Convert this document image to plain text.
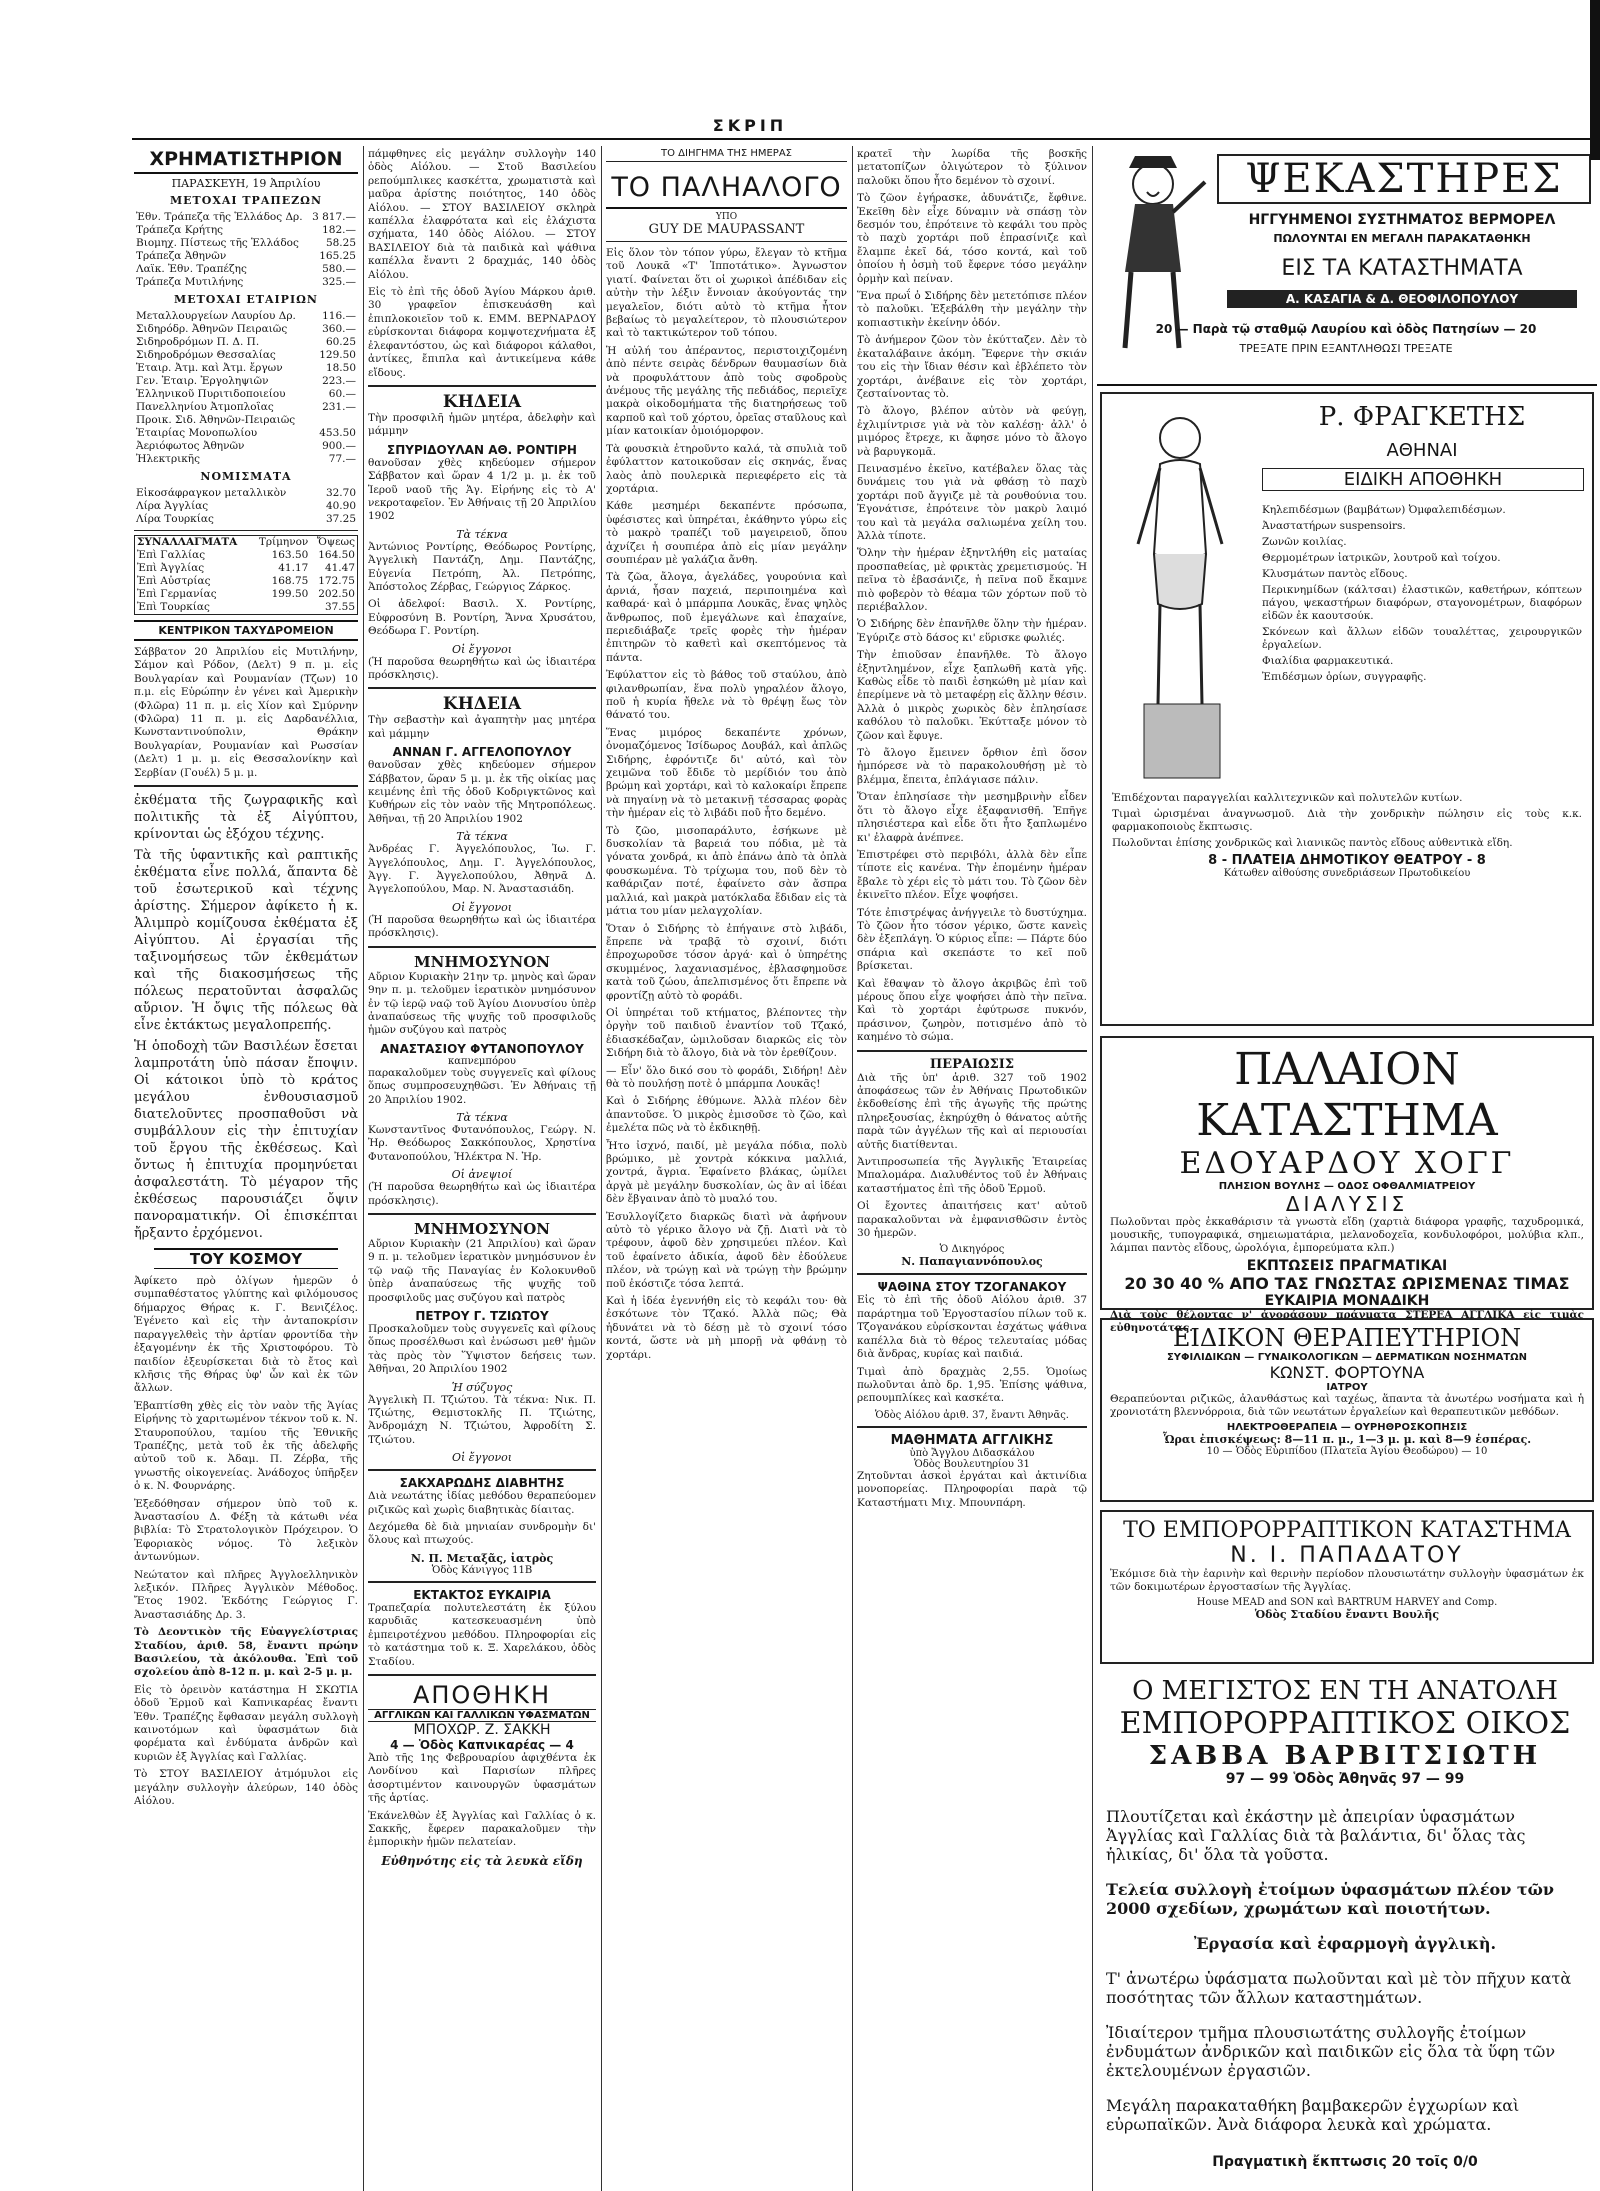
ΣΚΡΙΠ
ΧΡΗΜΑΤΙΣΤΗΡΙΟΝ
ΠΑΡΑΣΚΕΥΗ, 19 Ἀπριλίου
ΜΕΤΟΧΑΙ ΤΡΑΠΕΖΩΝ
Ἐθν. Τράπεζα τῆς Ἑλλάδος Δρ.	3 817.—
Τράπεζα Κρήτης	182.—
Βιομηχ. Πίστεως τῆς Ἑλλάδος	58.25
Τράπεζα Ἀθηνῶν	165.25
Λαϊκ. Ἐθν. Τραπέζης	580.—
Τράπεζα Μυτιλήνης	325.—
ΜΕΤΟΧΑΙ ΕΤΑΙΡΙΩΝ
Μεταλλουργείων Λαυρίου Δρ.	116.—
Σιδηρόδρ. Ἀθηνῶν Πειραιῶς	360.—
Σιδηροδρόμων Π. Δ. Π.	60.25
Σιδηροδρόμων Θεσσαλίας	129.50
Ἑταιρ. Ἀτμ. καὶ Ἀτμ. ἔργων	18.50
Γεν. Ἑταιρ. Ἐργοληψιῶν	223.—
Ἑλληνικοῦ Πυριτιδοποιείου	60.—
Πανελληνίου Ἀτμοπλοΐας	231.—
Προικ. Σιδ. Ἀθηνῶν-Πειραιῶς	
Ἑταιρίας Μονοπωλίου	453.50
Ἀεριόφωτος Ἀθηνῶν	900.—
Ἠλεκτρικῆς	77.—
ΝΟΜΙΣΜΑΤΑ
Εἰκοσάφραγκον μεταλλικὸν	32.70
Λίρα Ἀγγλίας	40.90
Λίρα Τουρκίας	37.25
ΣΥΝΑΛΛΑΓΜΑΤΑ	Τρίμηνον	Ὄψεως
Ἐπὶ Γαλλίας	163.50	164.50
Ἐπὶ Ἀγγλίας	41.17	41.47
Ἐπὶ Αὐστρίας	168.75	172.75
Ἐπὶ Γερμανίας	199.50	202.50
Ἐπὶ Τουρκίας		37.55
ΚΕΝΤΡΙΚΟΝ ΤΑΧΥΔΡΟΜΕΙΟΝ

Σάββατον 20 Ἀπριλίου εἰς Μυτιλήνην, Σάμον καὶ Ρόδον, (Δελτ) 9 π. μ. εἰς Βουλγαρίαν καὶ Ρουμανίαν (Τζων) 10 π.μ. εἰς Εὐρώπην ἐν γένει καὶ Ἀμερικὴν (Φλῶρα) 11 π. μ. εἰς Χίον καὶ Σμύρνην (Φλῶρα) 11 π. μ. εἰς Δαρδανέλλια, Κωνσταντινούπολιν, Θράκην Βουλγαρίαν, Ρουμανίαν καὶ Ρωσσίαν (Δελτ) 1 μ. μ. εἰς Θεσσαλονίκην καὶ Σερβίαν (Γουέλ) 5 μ. μ.

ἐκθέματα τῆς ζωγραφικῆς καὶ πολιτικῆς τὰ ἐξ Αἰγύπτου, κρίνονται ὡς ἐξόχου τέχνης.

Τὰ τῆς ὑφαντικῆς καὶ ραπτικῆς ἐκθέματα εἶνε πολλά, ἅπαντα δὲ τοῦ ἐσωτερικοῦ καὶ τέχνης ἀρίστης. Σήμερον ἀφίκετο ἡ κ. Ἀλιμπρὸ κομίζουσα ἐκθέματα ἐξ Αἰγύπτου. Αἱ ἐργασίαι τῆς ταξινομήσεως τῶν ἐκθεμάτων καὶ τῆς διακοσμήσεως τῆς πόλεως περατοῦνται ἀσφαλῶς αὔριον. Ἡ ὄψις τῆς πόλεως θὰ εἶνε ἐκτάκτως μεγαλοπρεπής.

Ἡ ὁποδοχὴ τῶν Βασιλέων ἔσεται λαμπροτάτη ὑπὸ πάσαν ἔποψιν. Οἱ κάτοικοι ὑπὸ τὸ κράτος μεγάλου ἐνθουσιασμοῦ διατελοῦντες προσπαθοῦσι νὰ συμβάλλουν εἰς τὴν ἐπιτυχίαν τοῦ ἔργου τῆς ἐκθέσεως. Καὶ ὄντως ἡ ἐπιτυχία προμηνύεται ἀσφαλεστάτη. Τὸ μέγαρον τῆς ἐκθέσεως παρουσιάζει ὄψιν πανοραματικήν. Οἱ ἐπισκέπται ἤρξαντο ἐρχόμενοι.

ΤΟΥ ΚΟΣΜΟΥ

Ἀφίκετο πρὸ ὀλίγων ἡμερῶν ὁ συμπαθέστατος γλύπτης καὶ φιλόμουσος δήμαρχος Θήρας κ. Γ. Βενιζέλος. Ἐγένετο καὶ εἰς τὴν ἀνταποκρίσιν παραγγελθεὶς τὴν ἀρτίαν φροντίδα τὴν ἐξαγομένην ἐκ τῆς Χριστοφόρου. Τὸ παιδίον ἐξευρίσκεται διὰ τὸ ἔτος καὶ κλῆσις τῆς Θήρας ὑφ' ὧν καὶ ἐκ τῶν ἄλλων.

Ἐβαπτίσθη χθὲς εἰς τὸν ναὸν τῆς Ἁγίας Εἰρήνης τὸ χαριτωμένον τέκνον τοῦ κ. Ν. Σταυροπούλου, ταμίου τῆς Ἐθνικῆς Τραπέζης, μετὰ τοῦ ἐκ τῆς ἀδελφῆς αὐτοῦ τοῦ κ. Ἀδαμ. Π. Ζέρβα, τῆς γνωστῆς οἰκογενείας. Ἀνάδοχος ὑπῆρξεν ὁ κ. Ν. Φουρνάρης.

Ἐξεδόθησαν σήμερον ὑπὸ τοῦ κ. Ἀναστασίου Δ. Φέξη τὰ κάτωθι νέα βιβλία: Τὸ Στρατολογικὸν Πρόχειρον. Ὁ Ἐφοριακὸς νόμος. Τὸ λεξικὸν ἀντωνύμων.

Νεώτατον καὶ πλῆρες Ἀγγλοελληνικὸν λεξικόν. Πλῆρες Ἀγγλικὸν Μέθοδος. Ἔτος 1902. Ἐκδότης Γεώργιος Γ. Ἀναστασιάδης Δρ. 3.

Τὸ Δεοντικὸν τῆς Εὐαγγελίστριας Σταδίου, ἀριθ. 58, ἔναντι πρώην Βασιλείου, τὰ ἀκόλουθα. Ἐπὶ τοῦ σχολείου ἀπὸ 8-12 π. μ. καὶ 2-5 μ. μ.

Εἰς τὸ ὀρεινὸν κατάστημα Η ΣΚΩΤΙΑ ὁδοῦ Ἑρμοῦ καὶ Καπνικαρέας ἔναντι Ἐθν. Τραπέζης ἔφθασαν μεγάλη συλλογὴ καινοτόμων καὶ ὑφασμάτων διὰ φορέματα καὶ ἐνδύματα ἀνδρῶν καὶ κυριῶν ἐξ Ἀγγλίας καὶ Γαλλίας.

Τὸ ΣΤΟΥ ΒΑΣΙΛΕΙΟΥ ἀτμόμυλοι εἰς μεγάλην συλλογὴν ἀλεύρων, 140 ὁδὸς Αἰόλου.

πάμφθηνες εἰς μεγάλην συλλογὴν 140 ὁδὸς Αἰόλου. — Στοῦ Βασιλείου ρεπούμπλικες κασκέττα, χρωματιστὰ καὶ μαῦρα ἀρίστης ποιότητος, 140 ὁδὸς Αἰόλου. — ΣΤΟΥ ΒΑΣΙΛΕΙΟΥ σκληρὰ καπέλλα ἐλαφρότατα καὶ εἰς ἐλάχιστα σχήματα, 140 ὁδὸς Αἰόλου. — ΣΤΟΥ ΒΑΣΙΛΕΙΟΥ διὰ τὰ παιδικὰ καὶ ψάθινα καπέλλα ἔναντι 2 δραχμάς, 140 ὁδὸς Αἰόλου.

Εἰς τὸ ἐπὶ τῆς ὁδοῦ Ἁγίου Μάρκου ἀριθ. 30 γραφεῖον ἐπισκευάσθη καὶ ἐπιπλοκοιεῖον τοῦ κ. ΕΜΜ. ΒΕΡΝΑΡΔΟΥ εὑρίσκονται διάφορα κομψοτεχνήματα ἐξ ἐλεφαντόστου, ὡς καὶ διάφοροι κάλαθοι, ἀντίκες, ἔπιπλα καὶ ἀντικείμενα κάθε εἴδους.

ΚΗΔΕΙΑ

Τὴν προσφιλῆ ἡμῶν μητέρα, ἀδελφὴν καὶ μάμμην

ΣΠΥΡΙΔΟΥΛΑΝ ΑΘ. ΡΟΝΤΙΡΗ

θανοῦσαν χθὲς κηδεύομεν σήμερον Σάββατον καὶ ὥραν 4 1/2 μ. μ. ἐκ τοῦ Ἱεροῦ ναοῦ τῆς Ἁγ. Εἰρήνης εἰς τὸ Α' νεκροταφεῖον. Ἐν Ἀθήναις τῇ 20 Ἀπριλίου 1902

Τὰ τέκνα

Ἀντώνιος Ροντίρης, Θεόδωρος Ροντίρης, Ἀγγελικὴ Παντάζη, Δημ. Παντάζης, Εὐγενία Πετρόπη, Ἀλ. Πετρόπης, Ἀπόστολος Ζέρβας, Γεώργιος Ζάρκος.

Οἱ ἀδελφοί: Βασιλ. Χ. Ροντίρης, Εὐφροσύνη Β. Ροντίρη, Ἄννα Χρυσάτου, Θεόδωρα Γ. Ροντίρη.

Οἱ ἔγγονοι

(Ἡ παροῦσα θεωρηθήτω καὶ ὡς ἰδιαιτέρα πρόσκλησις).

ΚΗΔΕΙΑ

Τὴν σεβαστὴν καὶ ἀγαπητὴν μας μητέρα καὶ μάμμην

ΑΝΝΑΝ Γ. ΑΓΓΕΛΟΠΟΥΛΟΥ

θανοῦσαν χθὲς κηδεύομεν σήμερον Σάββατον, ὥραν 5 μ. μ. ἐκ τῆς οἰκίας μας κειμένης ἐπὶ τῆς ὁδοῦ Κοδριγκτῶνος καὶ Κυθήρων εἰς τὸν ναὸν τῆς Μητροπόλεως. Ἀθῆναι, τῇ 20 Ἀπριλίου 1902

Τὰ τέκνα

Ἀνδρέας Γ. Ἀγγελόπουλος, Ἰω. Γ. Ἀγγελόπουλος, Δημ. Γ. Ἀγγελόπουλος, Ἀγγ. Γ. Ἀγγελοπούλου, Ἀθηνᾶ Δ. Ἀγγελοπούλου, Μαρ. Ν. Ἀναστασιάδη.

Οἱ ἔγγονοι

(Ἡ παροῦσα θεωρηθήτω καὶ ὡς ἰδιαιτέρα πρόσκλησις).

ΜΝΗΜΟΣΥΝΟΝ

Αὔριον Κυριακὴν 21ην τρ. μηνὸς καὶ ὥραν 9ην π. μ. τελοῦμεν ἱερατικὸν μνημόσυνον ἐν τῷ ἱερῷ ναῷ τοῦ Ἁγίου Διονυσίου ὑπὲρ ἀναπαύσεως τῆς ψυχῆς τοῦ προσφιλοῦς ἡμῶν συζύγου καὶ πατρὸς

ΑΝΑΣΤΑΣΙΟΥ ΦΥΤΑΝΟΠΟΥΛΟΥ
καπνεμπόρου

παρακαλοῦμεν τοὺς συγγενεῖς καὶ φίλους ὅπως συμπροσευχηθῶσι. Ἐν Ἀθήναις τῇ 20 Ἀπριλίου 1902.

Τὰ τέκνα

Κωνσταντῖνος Φυτανόπουλος, Γεώργ. Ν. Ἠρ. Θεόδωρος Σακκόπουλος, Χρηστίνα Φυτανοπούλου, Ἠλέκτρα Ν. Ἠρ.

Οἱ ἀνεψιοί

(Ἡ παροῦσα θεωρηθήτω καὶ ὡς ἰδιαιτέρα πρόσκλησις).

ΜΝΗΜΟΣΥΝΟΝ

Αὔριον Κυριακὴν (21 Ἀπριλίου) καὶ ὥραν 9 π. μ. τελοῦμεν ἱερατικὸν μνημόσυνον ἐν τῷ ναῷ τῆς Παναγίας ἐν Κολοκυνθοῦ ὑπὲρ ἀναπαύσεως τῆς ψυχῆς τοῦ προσφιλοῦς μας συζύγου καὶ πατρὸς

ΠΕΤΡΟΥ Γ. ΤΖΙΩΤΟΥ

Προσκαλοῦμεν τοὺς συγγενεῖς καὶ φίλους ὅπως προσέλθωσι καὶ ἑνώσωσι μεθ' ἡμῶν τὰς πρὸς τὸν Ὕψιστον δεήσεις των. Ἀθῆναι, 20 Ἀπριλίου 1902

Ἡ σύζυγος

Ἀγγελικὴ Π. Τζιώτου. Τὰ τέκνα: Νικ. Π. Τζιώτης, Θεμιστοκλῆς Π. Τζιώτης, Ἀνδρομάχη Ν. Τζιώτου, Ἀφροδίτη Σ. Τζιώτου.

Οἱ ἔγγονοι
ΣΑΚΧΑΡΩΔΗΣ ΔΙΑΒΗΤΗΣ

Διὰ νεωτάτης ἰδίας μεθόδου θεραπεύομεν ριζικῶς καὶ χωρὶς διαβητικὰς δίαιτας.

Δεχόμεθα δὲ διὰ μηνιαίαν συνδρομὴν δι' ὅλους καὶ πτωχούς.

Ν. Π. Μεταξᾶς, ἰατρὸς
Ὁδὸς Κάνιγγος 11Β
ΕΚΤΑΚΤΟΣ ΕΥΚΑΙΡΙΑ

Τραπεζαρία πολυτελεστάτη ἐκ ξύλου καρυδιᾶς κατεσκευασμένη ὑπὸ ἐμπειροτέχνου μεθόδου. Πληροφορίαι εἰς τὸ κατάστημα τοῦ κ. Ξ. Χαρελάκου, ὁδὸς Σταδίου.

ΑΠΟΘΗΚΗ
ΑΓΓΛΙΚΩΝ ΚΑΙ ΓΑΛΛΙΚΩΝ ΥΦΑΣΜΑΤΩΝ
ΜΠΟΧΩΡ. Ζ. ΣΑΚΚΗ
4 — Ὁδὸς Καπνικαρέας — 4

Ἀπὸ τῆς 1ης Φεβρουαρίου ἀφιχθέντα ἐκ Λονδίνου καὶ Παρισίων πλῆρες ἀσορτιμέντον καινουργῶν ὑφασμάτων τῆς ἀρτίας.

Ἐκάνελθὼν ἐξ Ἀγγλίας καὶ Γαλλίας ὁ κ. Σακκῆς, ἔφερεν παρακαλοῦμεν τὴν ἐμπορικὴν ἡμῶν πελατείαν.

Εὐθηνότης εἰς τὰ λευκὰ εἴδη
ΤΟ ΔΙΗΓΗΜΑ ΤΗΣ ΗΜΕΡΑΣ
ΤΟ ΠΑΛΗΑΛΟΓΟ
ΥΠΟ
GUY DE MAUPASSANT

Εἰς ὅλον τὸν τόπον γύρω, ἔλεγαν τὸ κτῆμα τοῦ Λουκᾶ «Τ' Ἱπποτάτικο». Ἀγνωστον γιατί. Φαίνεται ὅτι οἱ χωρικοὶ ἀπέδιδαν εἰς αὐτὴν τὴν λέξιν ἔννοιαν ἀκούγοντάς την μεγαλεῖον, διότι αὐτὸ τὸ κτῆμα ἦτον βεβαίως τὸ μεγαλείτερον, τὸ πλουσιώτερον καὶ τὸ τακτικώτερον τοῦ τόπου.

Ἡ αὐλή του ἀπέραντος, περιστοιχιζομένη ἀπὸ πέντε σειρὰς δένδρων θαυμασίων διὰ νὰ προφυλάττουν ἀπὸ τοὺς σφοδροὺς ἀνέμους τῆς μεγάλης τῆς πεδιάδος, περιεῖχε μακρὰ οἰκοδομήματα τῆς διατηρήσεως τοῦ καρποῦ καὶ τοῦ χόρτου, ὀρεῖας σταῦλους καὶ μίαν κατοικίαν ὁμοιόμορφον.

Τὰ φουσκιὰ ἐτηροῦντο καλά, τὰ σπυλιὰ τοῦ ἐφύλαττον κατοικοῦσαν εἰς σκηνάς, ἕνας λαὸς ἀπὸ πουλερικὰ περιεφέρετο εἰς τὰ χορτάρια.

Κάθε μεσημέρι δεκαπέντε πρόσωπα, ὑφέσιστες καὶ ὑπηρέται, ἐκάθηντο γύρω εἰς τὸ μακρὸ τραπέζι τοῦ μαγειρειοῦ, ὅπου ἀχνίζει ἡ σουπιέρα ἀπὸ εἰς μίαν μεγάλην σουπιέραν μὲ γαλάζια ἄνθη.

Τὰ ζῶα, ἄλογα, ἀγελάδες, γουρούνια καὶ ἀρνιά, ἦσαν παχειά, περιποιημένα καὶ καθαρά· καὶ ὁ μπάρμπα Λουκᾶς, ἕνας ψηλὸς ἄνθρωπος, ποῦ ἐμεγάλωνε καὶ ἐπαχαίνε, περιεδιάβαζε τρεῖς φορὲς τὴν ἡμέραν ἐπιτηρῶν τὸ καθετὶ καὶ σκεπτόμενος τὰ πάντα.

Ἐφύλαττον εἰς τὸ βάθος τοῦ σταύλου, ἀπὸ φιλανθρωπίαν, ἕνα πολὺ γηραλέον ἄλογο, ποῦ ἡ κυρία ἤθελε νὰ τὸ θρέψῃ ἕως τὸν θάνατό του.

Ἕνας μιμόρος δεκαπέντε χρόνων, ὀνομαζόμενος Ἰσίδωρος Δουβάλ, καὶ ἀπλῶς Σιδήρης, ἐφρόντιζε δι' αὐτό, καὶ τὸν χειμῶνα τοῦ ἔδιδε τὸ μερίδιόν του ἀπὸ βρώμη καὶ χορτάρι, καὶ τὸ καλοκαίρι ἔπρεπε νὰ πηγαίνῃ νὰ τὸ μετακινῇ τέσσαρας φορὰς τὴν ἡμέραν εἰς τὸ λιβάδι ποῦ ἦτο δεμένο.

Τὸ ζῶο, μισοπαράλυτο, ἐσήκωνε μὲ δυσκολίαν τὰ βαρειά του πόδια, μὲ τὰ γόνατα χονδρά, κι ἀπὸ ἐπάνω ἀπὸ τὰ ὀπλὰ φουσκωμένα. Τὸ τρίχωμα του, ποῦ δὲν τὸ καθάριζαν ποτέ, ἐφαίνετο σὰν ἄσπρα μαλλιά, καὶ μακρὰ ματόκλαδα ἔδιδαν εἰς τὰ μάτια του μίαν μελαγχολίαν.

Ὅταν ὁ Σιδήρης τὸ ἐπήγαινε στὸ λιβάδι, ἔπρεπε νὰ τραβᾷ τὸ σχοινί, διότι ἐπροχωροῦσε τόσον ἀργά· καὶ ὁ ὑπηρέτης σκυμμένος, λαχανιασμένος, ἐβλασφημοῦσε κατὰ τοῦ ζώου, ἀπελπισμένος ὅτι ἔπρεπε νὰ φροντίζῃ αὐτὸ τὸ φοράδι.

Οἱ ὑπηρέται τοῦ κτήματος, βλέποντες τὴν ὀργὴν τοῦ παιδιοῦ ἐναντίον τοῦ Τζακό, ἐδιασκέδαζαν, ὡμιλοῦσαν διαρκῶς εἰς τὸν Σιδήρη διὰ τὸ ἄλογο, διὰ νὰ τὸν ἐρεθίζουν.

— Εἶν' ὅλο δικό σου τὸ φοράδι, Σιδήρη! Δὲν θὰ τὸ πουλήσῃ ποτὲ ὁ μπάρμπα Λουκᾶς!

Καὶ ὁ Σιδήρης ἐθύμωνε. Ἀλλὰ πλέον δὲν ἀπαντοῦσε. Ὁ μικρὸς ἐμισοῦσε τὸ ζῶο, καὶ ἐμελέτα πῶς νὰ τὸ ἐκδικηθῇ.

Ἦτο ἰσχνό, παιδί, μὲ μεγάλα πόδια, πολὺ βρώμικο, μὲ χοντρὰ κόκκινα μαλλιά, χοντρά, ἄγρια. Ἐφαίνετο βλάκας, ὡμίλει ἀργὰ μὲ μεγάλην δυσκολίαν, ὡς ἂν αἱ ἰδέαι δὲν ἔβγαιναν ἀπὸ τὸ μυαλό του.

Ἐσυλλογίζετο διαρκῶς διατὶ νὰ ἀφήνουν αὐτὸ τὸ γέρικο ἄλογο νὰ ζῇ. Διατὶ νὰ τὸ τρέφουν, ἀφοῦ δὲν χρησιμεύει πλέον. Καὶ τοῦ ἐφαίνετο ἀδικία, ἀφοῦ δὲν ἐδούλευε πλέον, νὰ τρώγῃ καὶ νὰ τρώγῃ τὴν βρώμην ποῦ ἐκόστιζε τόσα λεπτά.

Καὶ ἡ ἰδέα ἐγεννήθη εἰς τὸ κεφάλι του· θὰ ἐσκότωνε τὸν Τζακό. Ἀλλὰ πῶς; Θὰ ἠδυνάτει νὰ τὸ δέσῃ μὲ τὸ σχοινί τόσο κοντά, ὥστε νὰ μὴ μπορῇ νὰ φθάνῃ τὸ χορτάρι.

κρατεῖ τὴν λωρίδα τῆς βοσκῆς μετατοπίζων ὀλιγώτερον τὸ ξύλινον παλοῦκι ὅπου ἦτο δεμένον τὸ σχοινί.

Τὸ ζῶον ἐγήρασκε, ἀδυνάτιζε, ἔφθινε. Ἐκεῖθη δὲν εἶχε δύναμιν νὰ σπάσῃ τὸν δεσμόν του, ἐπρότεινε τὸ κεφάλι του πρὸς τὸ παχὺ χορτάρι ποῦ ἐπρασίνιζε καὶ ἔλαμπε ἐκεῖ δά, τόσο κοντά, καὶ τοῦ ὁποίου ἡ ὀσμὴ τοῦ ἔφερνε τόσο μεγάλην ὀρμὴν καὶ πείναν.

Ἕνα πρωΐ ὁ Σιδήρης δὲν μετετόπισε πλέον τὸ παλοῦκι. Ἐξεβάλθη τὴν μεγάλην τὴν κοπιαστικὴν ἐκείνην ὁδόν.

Τὸ ἀνήμερον ζῶον τὸν ἐκύτταζεν. Δὲν τὸ ἐκαταλάβαινε ἀκόμη. Ἔφερνε τὴν σκιάν του εἰς τὴν ἴδιαν θέσιν καὶ ἐβλέπετο τὸν χορτάρι, ἀνέβαινε εἰς τὸν χορτάρι, ζεσταίνοντας τὸ.

Τὸ ἄλογο, βλέπον αὐτὸν νὰ φεύγῃ, ἐχλιμίντρισε γιὰ νὰ τὸν καλέσῃ· ἀλλ' ὁ μιμόρος ἔτρεχε, κι ἄφησε μόνο τὸ ἄλογο νὰ βαρυγκομᾶ.

Πεινασμένο ἐκεῖνο, κατέβαλεν ὅλας τὰς δυνάμεις του γιὰ νὰ φθάσῃ τὸ παχὺ χορτάρι ποῦ ἄγγιζε μὲ τὰ ρουθούνια του. Ἐγονάτισε, ἐπρότεινε τὸν μακρὺ λαιμό του καὶ τὰ μεγάλα σαλιωμένα χείλη του. Ἀλλὰ τίποτε.

Ὅλην τὴν ἡμέραν ἐξηντλήθη εἰς ματαίας προσπαθείας, μὲ φρικτὰς χρεμετισμούς. Ἡ πεῖνα τὸ ἐβασάνιζε, ἡ πεῖνα ποῦ ἔκαμνε πιὸ φοβερὸν τὸ θέαμα τῶν χόρτων ποῦ τὸ περιέβαλλον.

Ὁ Σιδήρης δὲν ἐπανῆλθε ὅλην τὴν ἡμέραν. Ἐγύριζε στὸ δάσος κι' εὕρισκε φωλιές.

Τὴν ἐπιοῦσαν ἐπανῆλθε. Τὸ ἄλογο ἐξηντλημένον, εἶχε ξαπλωθῆ κατὰ γῆς. Καθὼς εἶδε τὸ παιδὶ ἐσηκώθη μὲ μίαν καὶ ἐπερίμενε νὰ τὸ μεταφέρῃ εἰς ἄλλην θέσιν. Ἀλλὰ ὁ μικρὸς χωρικὸς δὲν ἐπλησίασε καθόλου τὸ παλοῦκι. Ἐκύτταξε μόνον τὸ ζῶον καὶ ἔφυγε.

Τὸ ἄλογο ἔμεινεν ὄρθιον ἐπὶ ὅσον ἠμπόρεσε νὰ τὸ παρακολουθήσῃ μὲ τὸ βλέμμα, ἔπειτα, ἐπλάγιασε πάλιν.

Ὅταν ἐπλησίασε τὴν μεσημβρινὴν εἶδεν ὅτι τὸ ἄλογο εἶχε ἐξαφανισθῆ. Ἐπῆγε πλησιέστερα καὶ εἶδε ὅτι ἦτο ξαπλωμένο κι' ἐλαφρὰ ἀνέπνεε.

Ἐπιστρέφει στὸ περιβόλι, ἀλλὰ δὲν εἶπε τίποτε εἰς κανένα. Τὴν ἐπομένην ἡμέραν ἔβαλε τὸ χέρι εἰς τὸ μάτι του. Τὸ ζῶον δὲν ἐκινεῖτο πλέον. Εἶχε ψοφήσει.

Τότε ἐπιστρέψας ἀνήγγειλε τὸ δυστύχημα. Τὸ ζῶον ἦτο τόσον γέρικο, ὥστε κανεὶς δὲν ἐξεπλάγη. Ὁ κύριος εἶπε: — Πάρτε δύο σπάρια καὶ σκεπάστε το κεῖ ποῦ βρίσκεται.

Καὶ ἔθαψαν τὸ ἄλογο ἀκριβῶς ἐπὶ τοῦ μέρους ὅπου εἶχε ψοφήσει ἀπὸ τὴν πεῖνα. Καὶ τὸ χορτάρι ἐφύτρωσε πυκνόν, πράσινον, ζωηρὸν, ποτισμένο ἀπὸ τὸ καημένο τὸ σώμα.

ΠΕΡΑΙΩΣΙΣ

Διὰ τῆς ὑπ' ἀριθ. 327 τοῦ 1902 ἀποφάσεως τῶν ἐν Ἀθήναις Πρωτοδικῶν ἐκδοθείσης ἐπὶ τῆς ἀγωγῆς τῆς πρώτης πληρεξουσίας, ἐκηρύχθη ὁ θάνατος αὐτῆς παρὰ τῶν ἀγγέλων τῆς καὶ αἱ περιουσίαι αὐτῆς διατίθενται.

Ἀντιπροσωπεία τῆς Ἀγγλικῆς Ἑταιρείας Μπαλομάρα. Διαλυθέντος τοῦ ἐν Ἀθήναις καταστήματος ἐπὶ τῆς ὁδοῦ Ἑρμοῦ.

Οἱ ἔχοντες ἀπαιτήσεις κατ' αὐτοῦ παρακαλοῦνται νὰ ἐμφανισθῶσιν ἐντὸς 30 ἡμερῶν.

Ὁ Δικηγόρος
Ν. Παπαγιαννόπουλος
ΨΑΘΙΝΑ ΣΤΟΥ ΤΖΟΓΑΝΑΚΟΥ

Εἰς τὸ ἐπὶ τῆς ὁδοῦ Αἰόλου ἀριθ. 37 παράρτημα τοῦ Ἐργοστασίου πίλων τοῦ κ. Τζογανάκου εὑρίσκονται ἐσχάτως ψάθινα καπέλλα διὰ τὸ θέρος τελευταίας μόδας διὰ ἄνδρας, κυρίας καὶ παιδιά.

Τιμαὶ ἀπὸ δραχμὰς 2,55. Ὁμοίως πωλοῦνται ἀπὸ δρ. 1,95. Ἐπίσης ψάθινα, ρεπουμπλίκες καὶ κασκέτα.

Ὁδὸς Αἰόλου ἀριθ. 37, ἔναντι Ἀθηνᾶς.
ΜΑΘΗΜΑΤΑ ΑΓΓΛΙΚΗΣ
ὑπὸ Ἄγγλου Διδασκάλου
Ὁδὸς Βουλευτηρίου 31

Ζητοῦνται ἀσκοὶ ἐργάται καὶ ἀκτινίδια μονοπορείας. Πληροφορίαι παρὰ τῷ Καταστήματι Μιχ. Μπουνπάρη.

ΨΕΚΑΣΤΗΡΕΣ
ΗΓΓΥΗΜΕΝΟΙ ΣΥΣΤΗΜΑΤΟΣ ΒΕΡΜΟΡΕΛ
ΠΩΛΟΥΝΤΑΙ ΕΝ ΜΕΓΑΛΗ ΠΑΡΑΚΑΤΑΘΗΚΗ
ΕΙΣ ΤΑ ΚΑΤΑΣΤΗΜΑΤΑ
Α. ΚΑΣΑΓΙΑ & Δ. ΘΕΟΦΙΛΟΠΟΥΛΟΥ
20 — Παρὰ τῷ σταθμῷ Λαυρίου καὶ ὁδὸς Πατησίων — 20
ΤΡΕΞΑΤΕ ΠΡΙΝ ΕΞΑΝΤΛΗΘΩΣΙ ΤΡΕΞΑΤΕ
Ρ. ΦΡΑΓΚΕΤΗΣ
ΑΘΗΝΑΙ
ΕΙΔΙΚΗ ΑΠΟΘΗΚΗ

Κηλεπιδέσμων (βαμβάτων) Ὀμφαλεπιδέσμων.

Ἀναστατήρων suspensoirs.

Ζωνῶν κοιλίας.

Θερμομέτρων ἰατρικῶν, λουτροῦ καὶ τοίχου.

Κλυσμάτων παντὸς εἴδους.

Περικνημίδων (κάλτσαι) ἐλαστικῶν, καθετήρων, κόπτεων πάγου, ψεκαστήρων διαφόρων, σταγονομέτρων, διαφόρων εἰδῶν ἐκ καουτσούκ.

Σκόνεων καὶ ἄλλων εἰδῶν τουαλέττας, χειρουργικῶν ἐργαλείων.

Φιαλίδια φαρμακευτικά.

Ἐπιδέσμων ὁρίων, συγγραφῆς.

Ἐπιδέχονται παραγγελίαι καλλιτεχνικῶν καὶ πολυτελῶν κυτίων.

Τιμαὶ ὡρισμέναι ἀναγνωσμοῦ. Διὰ τὴν χονδρικὴν πώλησιν εἰς τοὺς κ.κ. φαρμακοποιοὺς ἔκπτωσις.

Πωλοῦνται ἐπίσης χονδρικῶς καὶ λιανικῶς παντὸς εἴδους αὐθεντικὰ εἴδη.

8 - ΠΛΑΤΕΙΑ ΔΗΜΟΤΙΚΟΥ ΘΕΑΤΡΟΥ - 8
Κάτωθεν αἰθούσης συνεδριάσεων Πρωτοδικείου
ΠΑΛΑΙΟΝ ΚΑΤΑΣΤΗΜΑ
ΕΔΟΥΑΡΔΟΥ ΧΟΓΓ
ΠΛΗΣΙΟΝ ΒΟΥΛΗΣ — ΟΔΟΣ ΟΦΘΑΛΜΙΑΤΡΕΙΟΥ
ΔΙΑΛΥΣΙΣ

Πωλοῦνται πρὸς ἐκκαθάρισιν τὰ γνωστὰ εἴδη (χαρτιὰ διάφορα γραφῆς, ταχυδρομικά, μουσικῆς, τυπογραφικά, σημειωματάρια, μελανοδοχεῖα, κονδυλοφόροι, μολύβια κλπ., λάμπαι παντὸς εἴδους, ὡρολόγια, ἐμπορεύματα κλπ.)

ΕΚΠΤΩΣΕΙΣ ΠΡΑΓΜΑΤΙΚΑΙ
20 30 40 % ΑΠΟ ΤΑΣ ΓΝΩΣΤΑΣ ΩΡΙΣΜΕΝΑΣ ΤΙΜΑΣ
ΕΥΚΑΙΡΙΑ ΜΟΝΑΔΙΚΗ

Διὰ τοὺς θέλοντας ν' ἀγοράσουν πράγματα ΣΤΕΡΕΑ ΑΓΓΛΙΚΑ εἰς τιμὰς εὐθηνοτάτας.

ΕΙΔΙΚΟΝ ΘΕΡΑΠΕΥΤΗΡΙΟΝ
ΣΥΦΙΛΙΔΙΚΩΝ — ΓΥΝΑΙΚΟΛΟΓΙΚΩΝ — ΔΕΡΜΑΤΙΚΩΝ ΝΟΣΗΜΑΤΩΝ
ΚΩΝΣΤ. ΦΟΡΤΟΥΝΑ
ΙΑΤΡΟΥ

Θεραπεύονται ριζικῶς, ἀλανθάστως καὶ ταχέως, ἅπαντα τὰ ἀνωτέρω νοσήματα καὶ ἡ χρονιοτάτη βλεννόρροια, διὰ τῶν νεωτάτων ἐργαλείων καὶ θεραπευτικῶν μεθόδων.

ΗΛΕΚΤΡΟΘΕΡΑΠΕΙΑ — ΟΥΡΗΘΡΟΣΚΟΠΗΣΙΣ
Ὧραι ἐπισκέψεως: 8—11 π. μ., 1—3 μ. μ. καὶ 8—9 ἑσπέρας.
10 — Ὁδὸς Εὐριπίδου (Πλατεῖα Ἁγίου Θεοδώρου) — 10
ΤΟ ΕΜΠΟΡΟΡΡΑΠΤΙΚΟΝ ΚΑΤΑΣΤΗΜΑ
Ν. Ι. ΠΑΠΑΔΑΤΟΥ

Ἐκόμισε διὰ τὴν ἐαρινὴν καὶ θερινὴν περίοδον πλουσιωτάτην συλλογὴν ὑφασμάτων ἐκ τῶν δοκιμωτέρων ἐργοστασίων τῆς Ἀγγλίας.

House MEAD and SON καὶ BARTRUM HARVEY and Comp.
Ὁδὸς Σταδίου ἔναντι Βουλῆς
Ο ΜΕΓΙΣΤΟΣ ΕΝ ΤΗ ΑΝΑΤΟΛΗ
ΕΜΠΟΡΟΡΡΑΠΤΙΚΟΣ ΟΙΚΟΣ
ΣΑΒΒΑ ΒΑΡΒΙΤΣΙΩΤΗ
97 — 99 Ὁδὸς Ἀθηνᾶς 97 — 99

Πλουτίζεται καὶ ἐκάστην μὲ ἀπειρίαν ὑφασμάτων Ἀγγλίας καὶ Γαλλίας διὰ τὰ βαλάντια, δι' ὅλας τὰς ἡλικίας, δι' ὅλα τὰ γοῦστα.

Τελεία συλλογὴ ἐτοίμων ὑφασμάτων πλέον τῶν 2000 σχεδίων, χρωμάτων καὶ ποιοτήτων.

Ἐργασία καὶ ἐφαρμογὴ ἀγγλικὴ.

Τ' ἀνωτέρω ὑφάσματα πωλοῦνται καὶ μὲ τὸν πῆχυν κατὰ ποσότητας τῶν ἄλλων καταστημάτων.

Ἰδιαίτερον τμῆμα πλουσιωτάτης συλλογῆς ἐτοίμων ἐνδυμάτων ἀνδρικῶν καὶ παιδικῶν εἰς ὅλα τὰ ὕφη τῶν ἐκτελουμένων ἐργασιῶν.

Μεγάλη παρακαταθήκη βαμβακερῶν ἐγχωρίων καὶ εὐρωπαϊκῶν. Ἀνὰ διάφορα λευκὰ καὶ χρώματα.

Πραγματικὴ ἔκπτωσις 20 τοῖς 0/0
